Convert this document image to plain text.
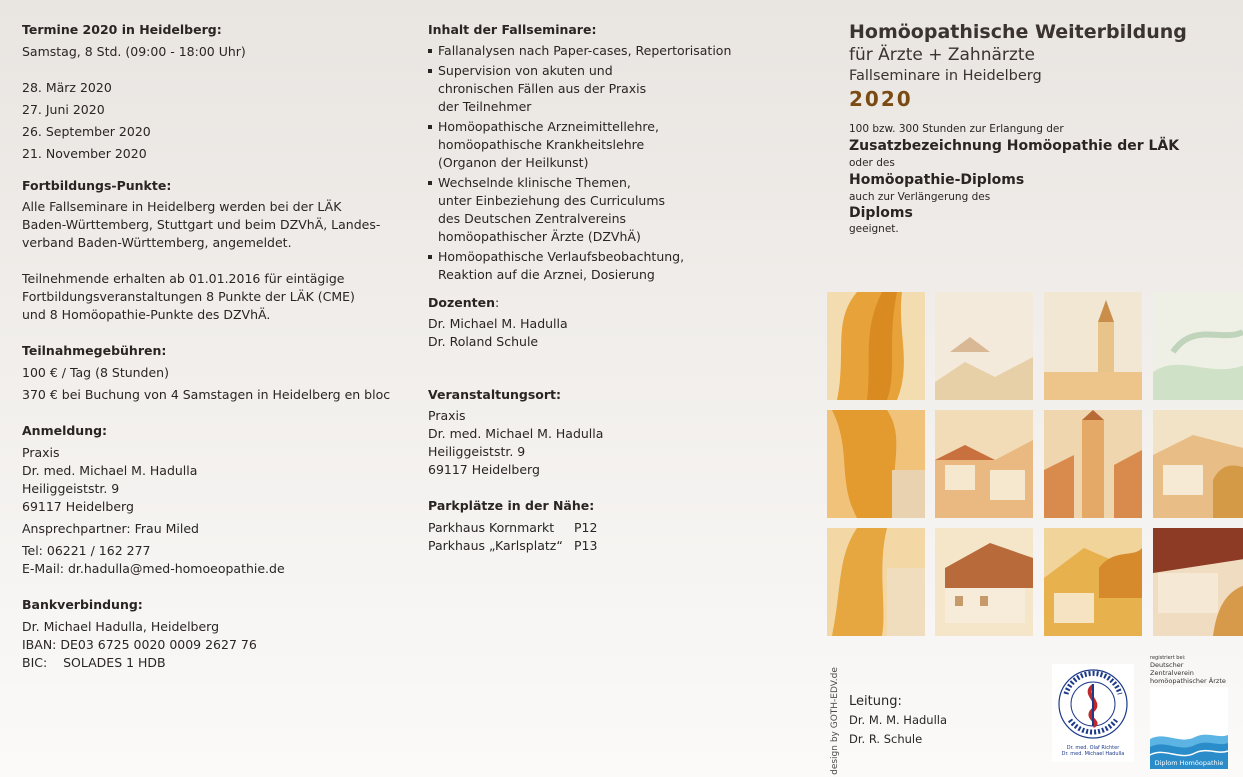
Termine 2020 in Heidelberg:
Samstag, 8 Std. (09:00 - 18:00 Uhr)
28. März 2020
27. Juni 2020
26. September 2020
21. November 2020
Fortbildungs-Punkte:
Alle Fallseminare in Heidelberg werden bei der LÄK
Baden-Württemberg, Stuttgart und beim DZVhÄ, Landes-
verband Baden-Württemberg, angemeldet.
Teilnehmende erhalten ab 01.01.2016 für eintägige
Fortbildungsveranstaltungen 8 Punkte der LÄK (CME)
und 8 Homöopathie-Punkte des DZVhÄ.
Teilnahmegebühren:
100 € / Tag (8 Stunden)
370 € bei Buchung von 4 Samstagen in Heidelberg en bloc
Anmeldung:
Praxis
Dr. med. Michael M. Hadulla
Heiliggeiststr. 9
69117 Heidelberg
Ansprechpartner: Frau Miled
Tel: 06221 / 162 277
E-Mail: dr.hadulla@med-homoeopathie.de
Bankverbindung:
Dr. Michael Hadulla, Heidelberg
IBAN: DE03 6725 0020 0009 2627 76
BIC:    SOLADES 1 HDB
Inhalt der Fallseminare:
Fallanalysen nach Paper-cases, Repertorisation
Supervision von akuten und
chronischen Fällen aus der Praxis
der Teilnehmer
Homöopathische Arzneimittellehre,
homöopathische Krankheitslehre
(Organon der Heilkunst)
Wechselnde klinische Themen,
unter Einbeziehung des Curriculums
des Deutschen Zentralvereins
homöopathischer Ärzte (DZVhÄ)
Homöopathische Verlaufsbeobachtung,
Reaktion auf die Arznei, Dosierung
Dozenten:
Dr. Michael M. Hadulla
Dr. Roland Schule
Veranstaltungsort:
Praxis
Dr. med. Michael M. Hadulla
Heiliggeiststr. 9
69117 Heidelberg
Parkplätze in der Nähe:
Parkhaus Kornmarkt	P12
Parkhaus „Karlsplatz“ P13
Homöopathische Weiterbildung
für Ärzte + Zahnärzte
Fallseminare in Heidelberg
2020
100 bzw. 300 Stunden zur Erlangung der
Zusatzbezeichnung Homöopathie der LÄK
oder des
Homöopathie-Diploms
auch zur Verlängerung des
Diploms
geeignet.
design by GOTH-EDV.de Leitung:
Dr. M. M. Hadulla
Dr. R. Schule
Dr. med. Olaf Richter
Dr. med. Michael Hadulla
registriert bei:
Deutscher Zentralverein
homöopathischer Ärzte
Diplom Homöopathie
